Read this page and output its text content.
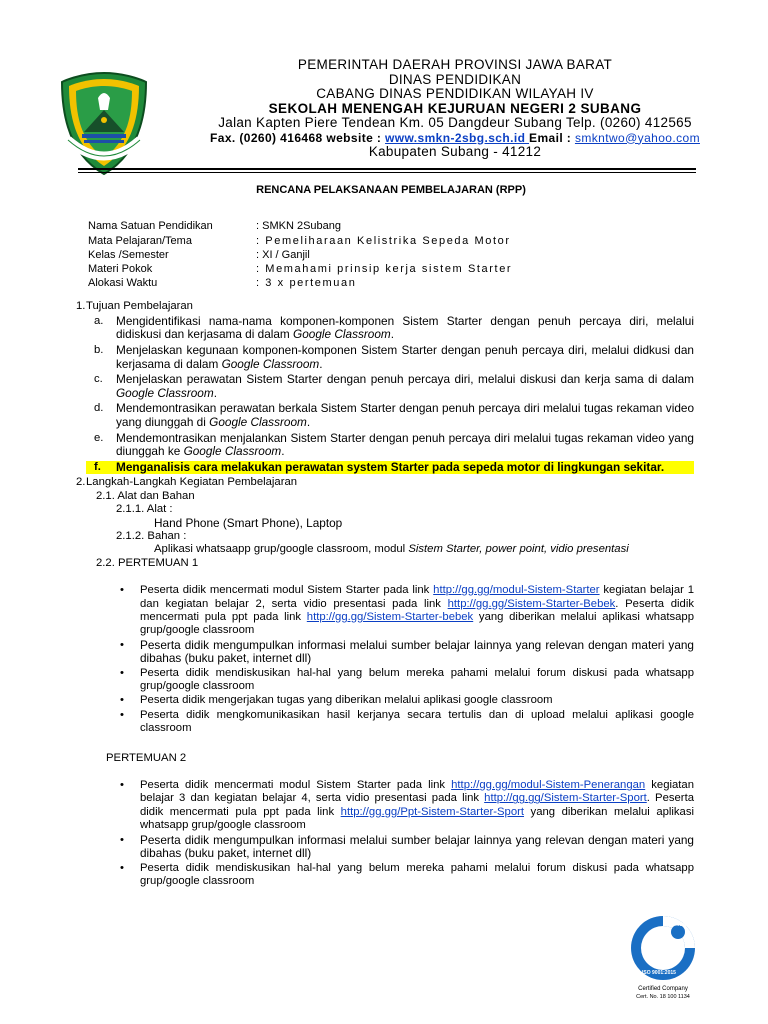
PEMERINTAH DAERAH PROVINSI JAWA BARAT
DINAS PENDIDIKAN
CABANG DINAS PENDIDIKAN WILAYAH IV
SEKOLAH MENENGAH KEJURUAN NEGERI 2 SUBANG
Jalan Kapten Piere Tendean Km. 05 Dangdeur Subang Telp. (0260) 412565
Fax. (0260) 416468 website : www.smkn-2sbg.sch.id Email : smkntwo@yahoo.com
Kabupaten Subang - 41212
RENCANA PELAKSANAAN PEMBELAJARAN (RPP)
Nama Satuan Pendidikan	: SMKN 2Subang
Mata Pelajaran/Tema	: Pemeliharaan Kelistrika Sepeda Motor
Kelas /Semester	: XI / Ganjil
Materi Pokok	: Memahami prinsip kerja sistem Starter
Alokasi Waktu	: 3 x pertemuan
1. Tujuan Pembelajaran
a.	Mengidentifikasi nama-nama komponen-komponen Sistem Starter dengan penuh percaya diri, melalui didiskusi dan kerjasama di dalam Google Classroom.
b.	Menjelaskan kegunaan komponen-komponen Sistem Starter dengan penuh percaya diri, melalui didkusi dan kerjasama di dalam Google Classroom.
c.	Menjelaskan perawatan Sistem Starter dengan penuh percaya diri, melalui diskusi dan kerja sama di dalam Google Classroom.
d.	Mendemontrasikan perawatan berkala Sistem Starter dengan penuh percaya diri melalui tugas rekaman video yang diunggah di Google Classroom.
e.	Mendemontrasikan menjalankan Sistem Starter dengan penuh percaya diri melalui tugas rekaman video yang diunggah ke Google Classroom.
f.	Menganalisis cara melakukan perawatan system Starter pada sepeda motor di lingkungan sekitar.
2. Langkah-Langkah Kegiatan Pembelajaran
2.1. Alat dan Bahan
2.1.1. Alat :
Hand Phone (Smart Phone), Laptop
2.1.2. Bahan :
Aplikasi whatsaapp grup/google classroom, modul Sistem Starter, power point, vidio presentasi
2.2. PERTEMUAN 1
•	Peserta didik mencermati modul Sistem Starter pada link http://gg.gg/modul-Sistem-Starter kegiatan belajar 1 dan kegiatan belajar 2, serta vidio presentasi pada link http://gg.gg/Sistem-Starter-Bebek. Peserta didik mencermati pula ppt pada link http://gg.gg/Sistem-Starter-bebek yang diberikan melalui aplikasi whatsapp grup/google classroom
•	Peserta didik mengumpulkan informasi melalui sumber belajar lainnya yang relevan dengan materi yang dibahas (buku paket, internet dll)
•	Peserta didik mendiskusikan hal-hal yang belum mereka pahami melalui forum diskusi pada whatsapp grup/google classroom
•	Peserta didik mengerjakan tugas yang diberikan melalui aplikasi google classroom
•	Peserta didik mengkomunikasikan hasil kerjanya secara tertulis dan di upload melalui aplikasi google classroom
PERTEMUAN 2
•	Peserta didik mencermati modul Sistem Starter pada link http://gg.gg/modul-Sistem-Penerangan kegiatan belajar 3 dan kegiatan belajar 4, serta vidio presentasi pada link http://gg.gg/Sistem-Starter-Sport. Peserta didik mencermati pula ppt pada link http://gg.gg/Ppt-Sistem-Starter-Sport yang diberikan melalui aplikasi whatsapp grup/google classroom
•	Peserta didik mengumpulkan informasi melalui sumber belajar lainnya yang relevan dengan materi yang dibahas (buku paket, internet dll)
•	Peserta didik mendiskusikan hal-hal yang belum mereka pahami melalui forum diskusi pada whatsapp grup/google classroom
TÜV NORD
ISO 9001:2015
Certified Company
Cert. No. 18 100 1134
